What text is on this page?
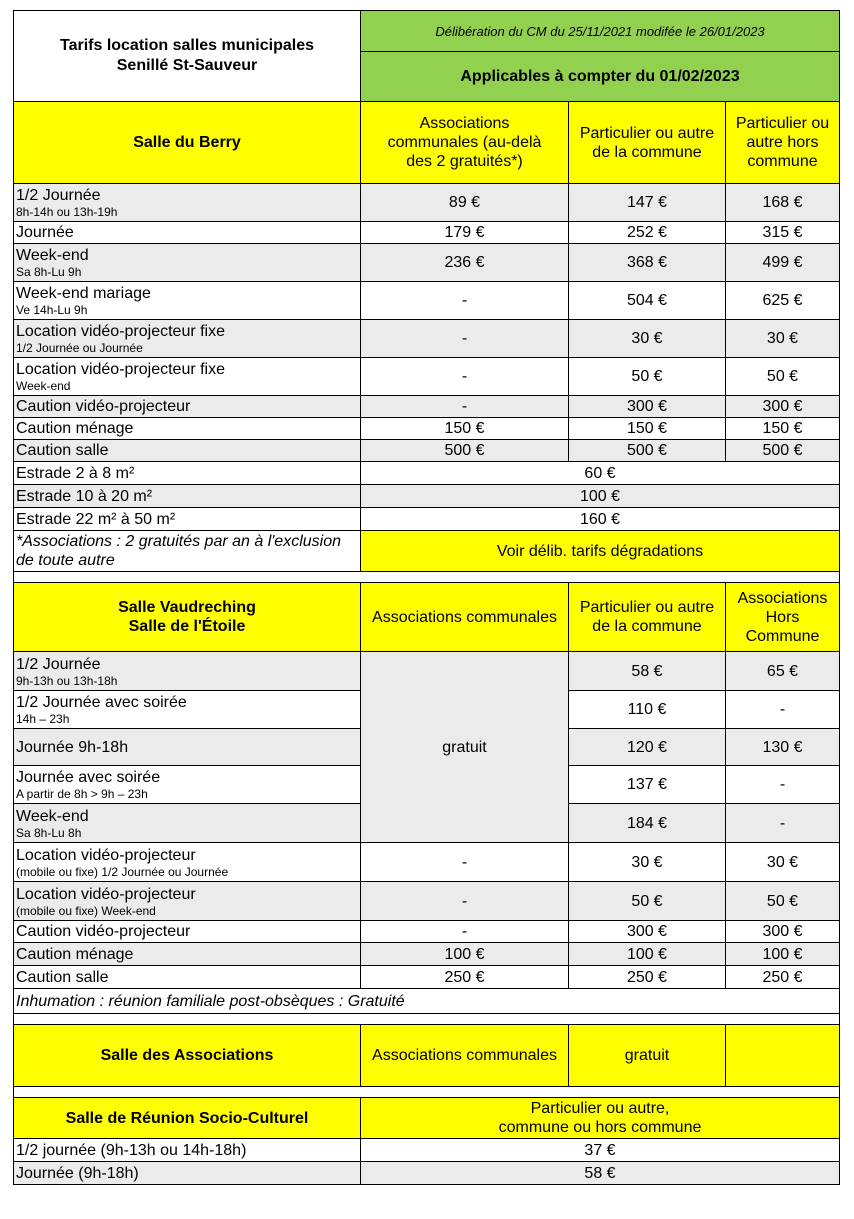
Tarifs location salles municipales
Senillé St-Sauveur	Délibération du CM du 25/11/2021 modifée le 26/01/2023		
	Applicables à compter du 01/02/2023		
Salle du Berry	Associations communales (au-delà des 2 gratuités*)	Particulier ou autre de la commune	Particulier ou autre hors commune

1/2 Journée
8h-14h ou 13h-19h	89 €	147 €	168 €

Journée	179 €	252 €	315 €

Week-end
Sa 8h-Lu 9h	236 €	368 €	499 €

Week-end mariage
Ve 14h-Lu 9h	-	504 €	625 €

Location vidéo-projecteur fixe
1/2 Journée ou Journée	-	30 €	30 €

Location vidéo-projecteur fixe
Week-end	-	50 €	50 €

Caution vidéo-projecteur	-	300 €	300 €

Caution ménage	150 €	150 €	150 €

Caution salle	500 €	500 €	500 €
Estrade 2 à 8 m²	60 €		
Estrade 10 à 20 m²	100 €		
Estrade 22 m² à 50 m²	160 €		
*Associations : 2 gratuités par an à l'exclusion de toute autre	Voir délib. tarifs dégradations		

Salle Vaudreching
Salle de l'Étoile	Associations communales	Particulier ou autre de la commune	Associations Hors Commune

1/2 Journée
9h-13h ou 13h-18h	gratuit	58 €	65 €

1/2 Journée avec soirée
14h – 23h		110 €	-

Journée 9h-18h		120 €	130 €

Journée avec soirée
A partir de 8h > 9h – 23h		137 €	-

Week-end
Sa 8h-Lu 8h		184 €	-

Location vidéo-projecteur
(mobile ou fixe) 1/2 Journée ou Journée	-	30 €	30 €

Location vidéo-projecteur
(mobile ou fixe) Week-end	-	50 €	50 €

Caution vidéo-projecteur	-	300 €	300 €

Caution ménage	100 €	100 €	100 €

Caution salle	250 €	250 €	250 €
Inhumation : réunion familiale post-obsèques : Gratuité			

Salle des Associations	Associations communales	gratuit	

Salle de Réunion Socio-Culturel	Particulier ou autre,
commune ou hors commune		
1/2 journée (9h-13h ou 14h-18h)	37 €		
Journée (9h-18h)	58 €		
